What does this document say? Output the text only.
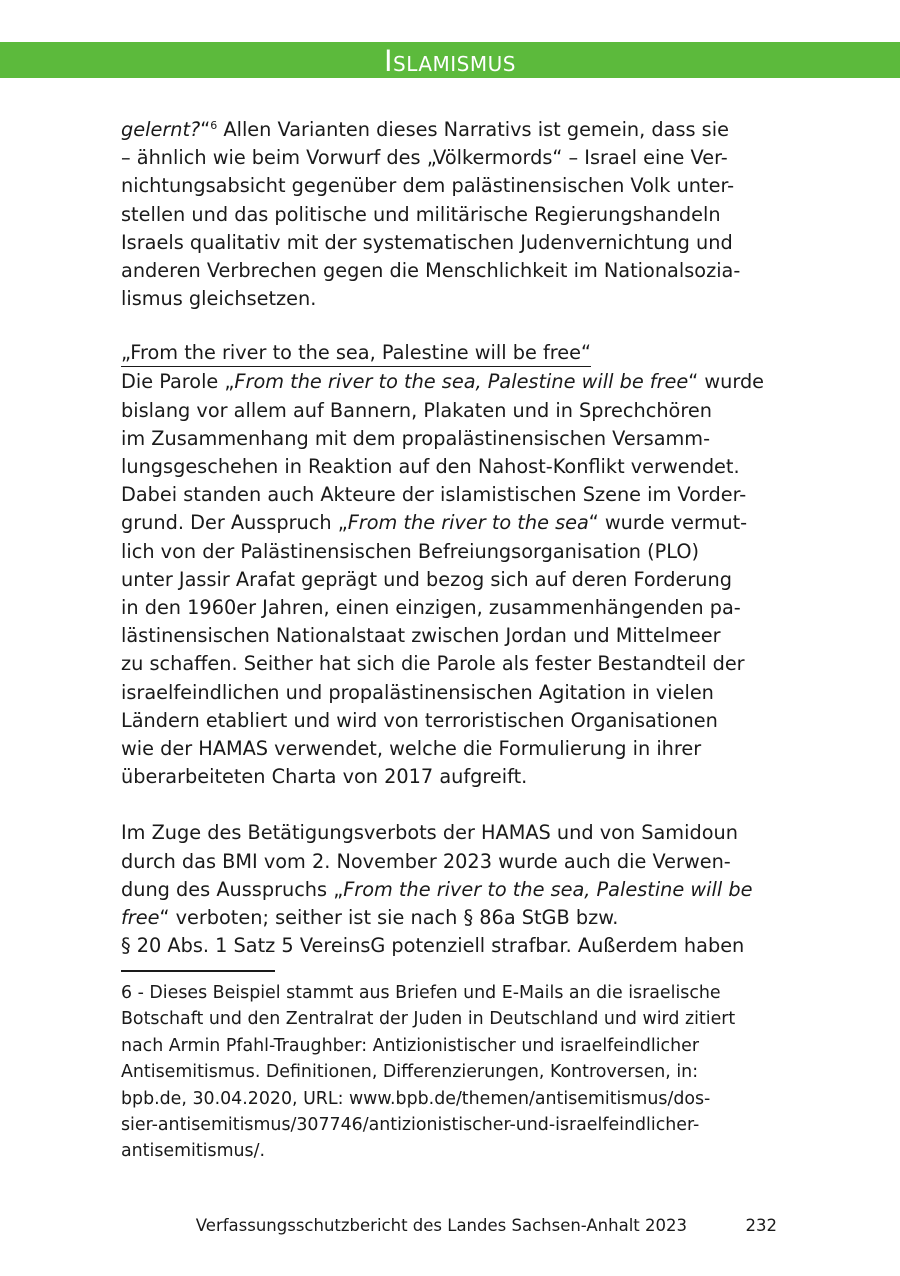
Islamismus
gelernt?“$^6$ Allen Varianten dieses Narrativs ist gemein, dass sie
– ähnlich wie beim Vorwurf des „Völkermords“ – Israel eine Ver-
nichtungsabsicht gegenüber dem palästinensischen Volk unter-
stellen und das politische und militärische Regierungshandeln
Israels qualitativ mit der systematischen Judenvernichtung und
anderen Verbrechen gegen die Menschlichkeit im Nationalsozia-
lismus gleichsetzen.
„From the river to the sea, Palestine will be free“
Die Parole „From the river to the sea, Palestine will be free“ wurde
bislang vor allem auf Bannern, Plakaten und in Sprechchören
im Zusammenhang mit dem propalästinensischen Versamm-
lungsgeschehen in Reaktion auf den Nahost-Konflikt verwendet.
Dabei standen auch Akteure der islamistischen Szene im Vorder-
grund. Der Ausspruch „From the river to the sea“ wurde vermut-
lich von der Palästinensischen Befreiungsorganisation (PLO)
unter Jassir Arafat geprägt und bezog sich auf deren Forderung
in den 1960er Jahren, einen einzigen, zusammenhängenden pa-
lästinensischen Nationalstaat zwischen Jordan und Mittelmeer
zu schaffen. Seither hat sich die Parole als fester Bestandteil der
israelfeindlichen und propalästinensischen Agitation in vielen
Ländern etabliert und wird von terroristischen Organisationen
wie der HAMAS verwendet, welche die Formulierung in ihrer
überarbeiteten Charta von 2017 aufgreift.
Im Zuge des Betätigungsverbots der HAMAS und von Samidoun
durch das BMI vom 2. November 2023 wurde auch die Verwen-
dung des Ausspruchs „From the river to the sea, Palestine will be
free“ verboten; seither ist sie nach § 86a StGB bzw.
§ 20 Abs. 1 Satz 5 VereinsG potenziell strafbar. Außerdem haben
6 - Dieses Beispiel stammt aus Briefen und E-Mails an die israelische
Botschaft und den Zentralrat der Juden in Deutschland und wird zitiert
nach Armin Pfahl-Traughber: Antizionistischer und israelfeindlicher
Antisemitismus. Definitionen, Differenzierungen, Kontroversen, in:
bpb.de, 30.04.2020, URL: www.bpb.de/themen/antisemitismus/dos-
sier-antisemitismus/307746/antizionistischer-und-israelfeindlicher-
antisemitismus/.
Verfassungsschutzbericht des Landes Sachsen-Anhalt 2023	232
